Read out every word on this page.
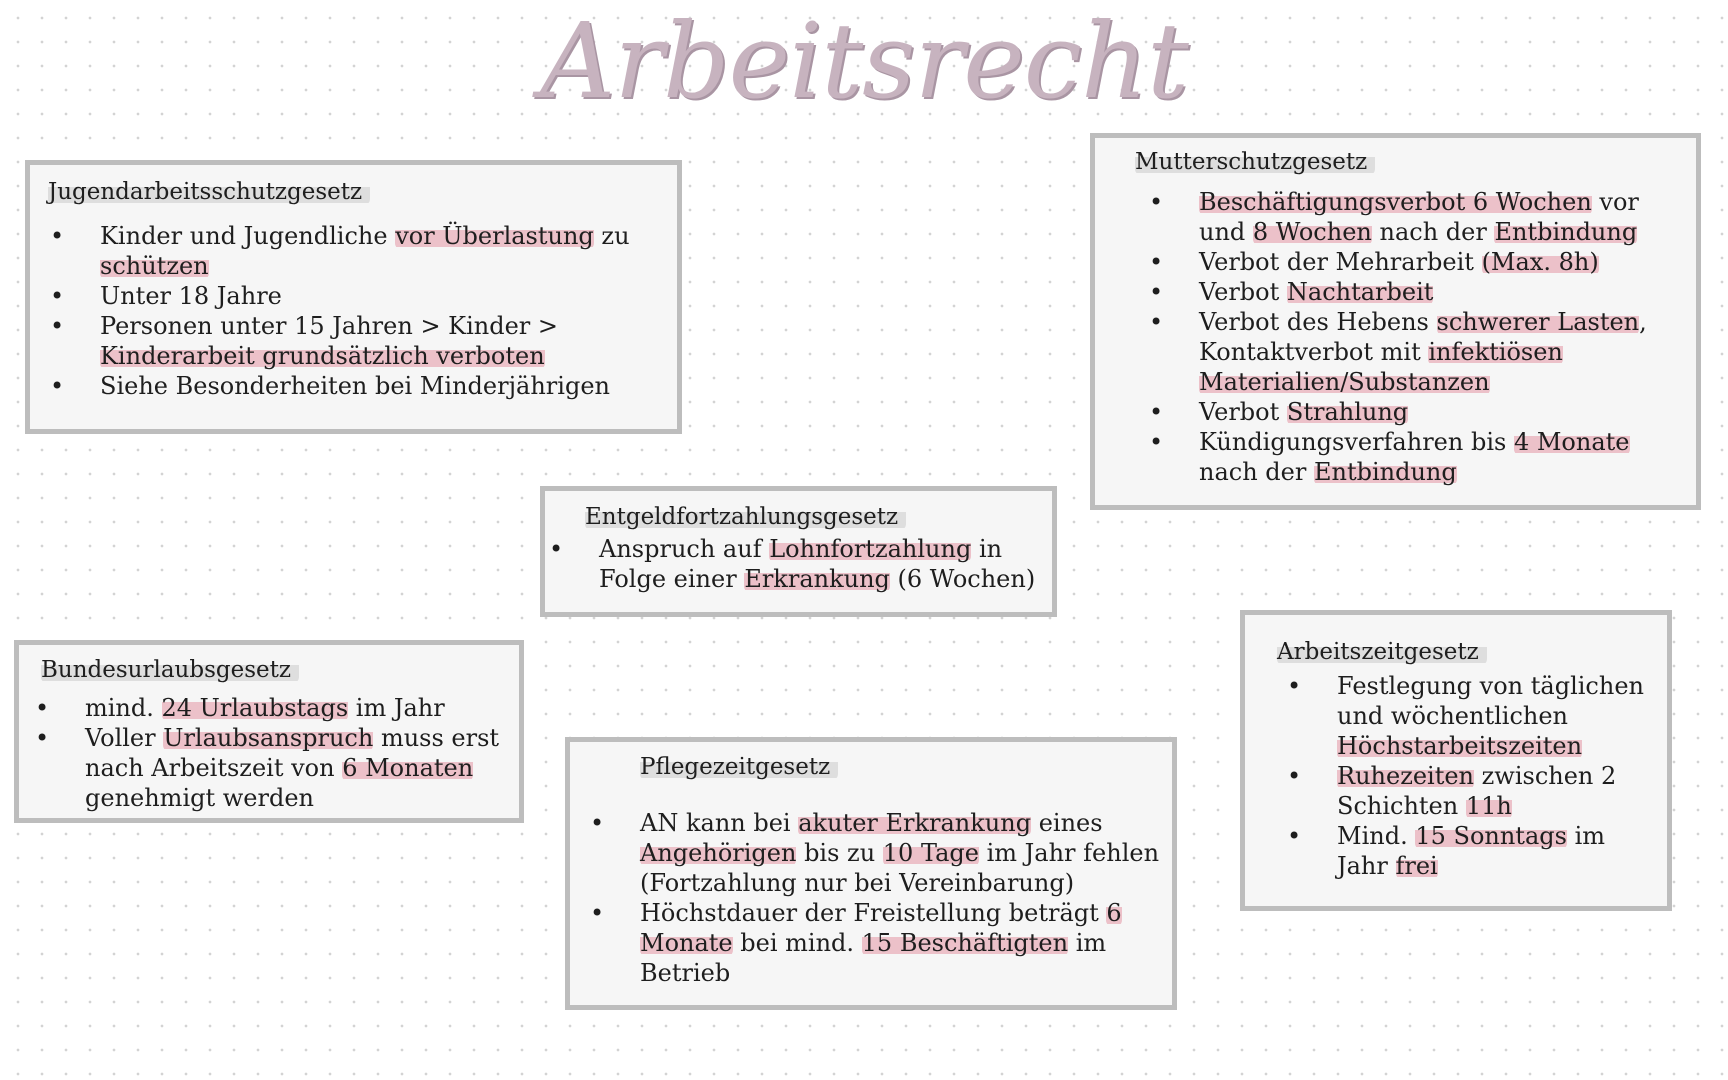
Arbeitsrecht
Jugendarbeitsschutzgesetz
• Kinder und Jugendliche vor Überlastung zu schützen
• Unter 18 Jahre
• Personen unter 15 Jahren > Kinder > Kinderarbeit grundsätzlich verboten
• Siehe Besonderheiten bei Minderjährigen
Mutterschutzgesetz
• Beschäftigungsverbot 6 Wochen vor und 8 Wochen nach der Entbindung
• Verbot der Mehrarbeit (Max. 8h)
• Verbot Nachtarbeit
• Verbot des Hebens schwerer Lasten, Kontaktverbot mit infektiösen Materialien/Substanzen
• Verbot Strahlung
• Kündigungsverfahren bis 4 Monate nach der Entbindung
Entgeldfortzahlungsgesetz
• Anspruch auf Lohnfortzahlung in Folge einer Erkrankung (6 Wochen)
Bundesurlaubsgesetz
• mind. 24 Urlaubstags im Jahr
• Voller Urlaubsanspruch muss erst nach Arbeitszeit von 6 Monaten genehmigt werden
Pflegezeitgesetz
• AN kann bei akuter Erkrankung eines Angehörigen bis zu 10 Tage im Jahr fehlen (Fortzahlung nur bei Vereinbarung)
• Höchstdauer der Freistellung beträgt 6 Monate bei mind. 15 Beschäftigten im Betrieb
Arbeitszeitgesetz
• Festlegung von täglichen und wöchentlichen Höchstarbeitszeiten
• Ruhezeiten zwischen 2 Schichten 11h
• Mind. 15 Sonntags im Jahr frei
